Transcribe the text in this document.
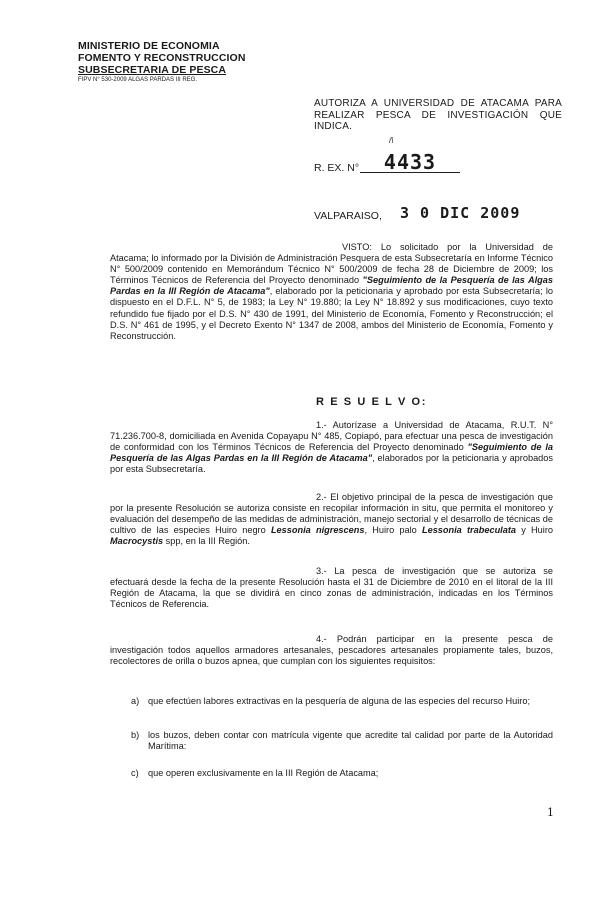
MINISTERIO DE ECONOMIA
FOMENTO Y RECONSTRUCCION
SUBSECRETARIA DE PESCA
FIPV N° 530-2009 ALGAS PARDAS III REG.
AUTORIZA A UNIVERSIDAD DE ATACAMA PARA REALIZAR PESCA DE INVESTIGACIÓN QUE INDICA.
ñ
R. EX. N°	4433
VALPARAISO, 3 0 DIC 2009
VISTO: Lo solicitado por la Universidad de Atacama; lo informado por la División de Administración Pesquera de esta Subsecretaría en Informe Técnico N° 500/2009 contenido en Memorándum Técnico N° 500/2009 de fecha 28 de Diciembre de 2009; los Términos Técnicos de Referencia del Proyecto denominado "Seguimiento de la Pesquería de las Algas Pardas en la III Región de Atacama", elaborado por la peticionaria y aprobado por esta Subsecretaría; lo dispuesto en el D.F.L. N° 5, de 1983; la Ley N° 19.880; la Ley N° 18.892 y sus modificaciones, cuyo texto refundido fue fijado por el D.S. N° 430 de 1991, del Ministerio de Economía, Fomento y Reconstrucción; el D.S. N° 461 de 1995, y el Decreto Exento N° 1347 de 2008, ambos del Ministerio de Economía, Fomento y Reconstrucción.
R E S U E L V O:
1.- Autorízase a Universidad de Atacama, R.U.T. N° 71.236.700-8, domiciliada en Avenida Copayapu N° 485, Copiapó, para efectuar una pesca de investigación de conformidad con los Términos Técnicos de Referencia del Proyecto denominado "Seguimiento de la Pesquería de las Algas Pardas en la III Región de Atacama", elaborados por la peticionaria y aprobados por esta Subsecretaría.
2.- El objetivo principal de la pesca de investigación que por la presente Resolución se autoriza consiste en recopilar información in situ, que permita el monitoreo y evaluación del desempeño de las medidas de administración, manejo sectorial y el desarrollo de técnicas de cultivo de las especies Huiro negro Lessonia nigrescens, Huiro palo Lessonia trabeculata y Huiro Macrocystis spp, en la III Región.
3.- La pesca de investigación que se autoriza se efectuará desde la fecha de la presente Resolución hasta el 31 de Diciembre de 2010 en el litoral de la III Región de Atacama, la que se dividirá en cinco zonas de administración, indicadas en los Términos Técnicos de Referencia.
4.- Podrán participar en la presente pesca de investigación todos aquellos armadores artesanales, pescadores artesanales propiamente tales, buzos, recolectores de orilla o buzos apnea, que cumplan con los siguientes requisitos:
a) que efectúen labores extractivas en la pesquería de alguna de las especies del recurso Huiro;
b) los buzos, deben contar con matrícula vigente que acredite tal calidad por parte de la Autoridad Marítima:
c) que operen exclusivamente en la III Región de Atacama;
1
